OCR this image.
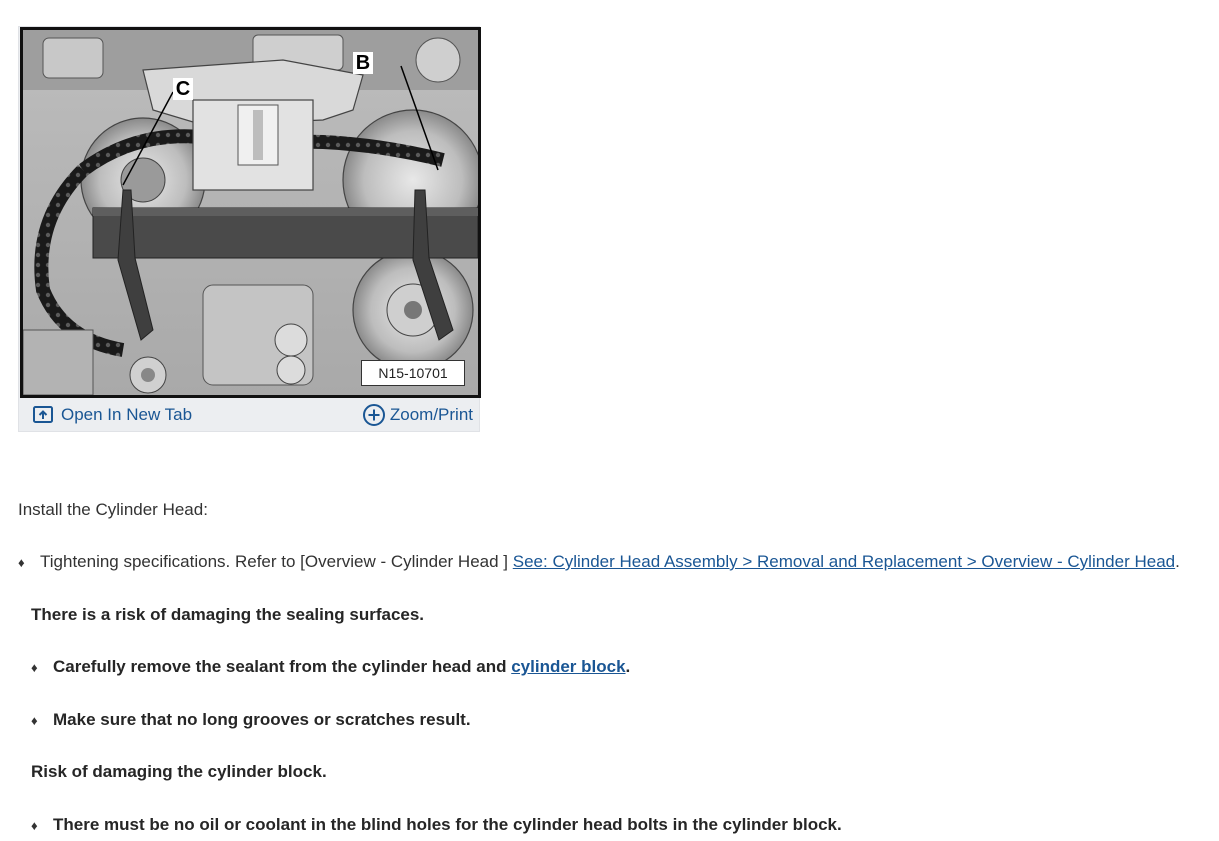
B
C
N15-10701
Open In New Tab	Zoom/Print
Install the Cylinder Head:
♦ Tightening specifications. Refer to [Overview - Cylinder Head ] See: Cylinder Head Assembly > Removal and Replacement > Overview - Cylinder Head.
There is a risk of damaging the sealing surfaces.
♦ Carefully remove the sealant from the cylinder head and cylinder block.
♦ Make sure that no long grooves or scratches result.
Risk of damaging the cylinder block.
♦ There must be no oil or coolant in the blind holes for the cylinder head bolts in the cylinder block.
